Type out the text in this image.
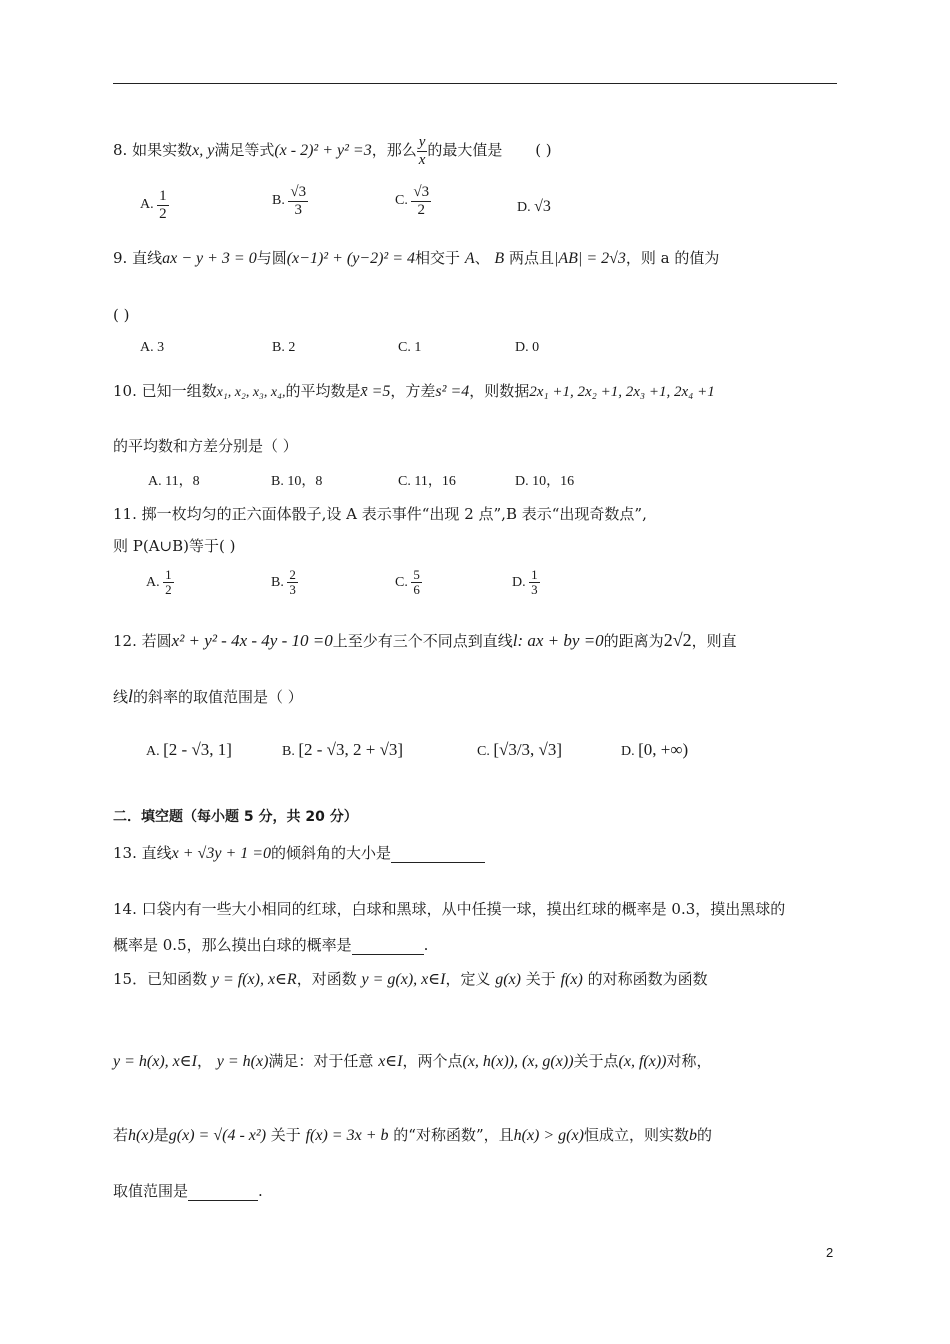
8. 如果实数x, y满足等式(x - 2)² + y² =3，那么 $\frac{y}{x}$ 的最大值是 ( )
A. $\frac{1}{2}$	B. $\frac{√3}{3}$	C. $\frac{√3}{2}$	D. √3
9. 直线ax − y + 3 = 0与圆(x−1)² + (y−2)² = 4相交于 A、 B 两点且|AB| = 2√3，则 a 的值为
( )
A. 3	B. 2	C. 1	D. 0
10. 已知一组数x₁, x₂, x₃, x₄,的平均数是x̄ =5，方差s² =4，则数据2x₁ +1, 2x₂ +1, 2x₃ +1, 2x₄ +1
的平均数和方差分别是（ ）
A. 11，8	B. 10，8	C. 11，16	D. 10，16
11. 掷一枚均匀的正六面体骰子,设 A 表示事件“出现 2 点”,B 表示“出现奇数点”,
则 P(A∪B)等于( )
A. $\frac{1}{2}$	B. $\frac{2}{3}$	C. $\frac{5}{6}$	D. $\frac{1}{3}$
12. 若圆x² + y² - 4x - 4y - 10 =0上至少有三个不同点到直线l: ax + by =0的距离为2√2，则直
线l的斜率的取值范围是（ ）
A. [2 - √3, 1]	B. [2 - √3, 2 + √3]	C. [√3/3, √3]	D. [0, +∞)
二．填空题（每小题 5 分，共 20 分）
13. 直线x + √3y + 1 =0的倾斜角的大小是
14. 口袋内有一些大小相同的红球，白球和黑球，从中任摸一球，摸出红球的概率是 0.3，摸出黑球的
概率是 0.5，那么摸出白球的概率是	.
15．已知函数 y = f(x), x∈R，对函数 y = g(x), x∈I，定义 g(x) 关于 f(x) 的对称函数为函数
y = h(x), x∈I， y = h(x)满足：对于任意 x∈I，两个点(x, h(x)), (x, g(x))关于点(x, f(x))对称，
若h(x)是g(x) = √(4 - x²) 关于 f(x) = 3x + b 的“对称函数”，且h(x) > g(x)恒成立，则实数b的
取值范围是	.
2
